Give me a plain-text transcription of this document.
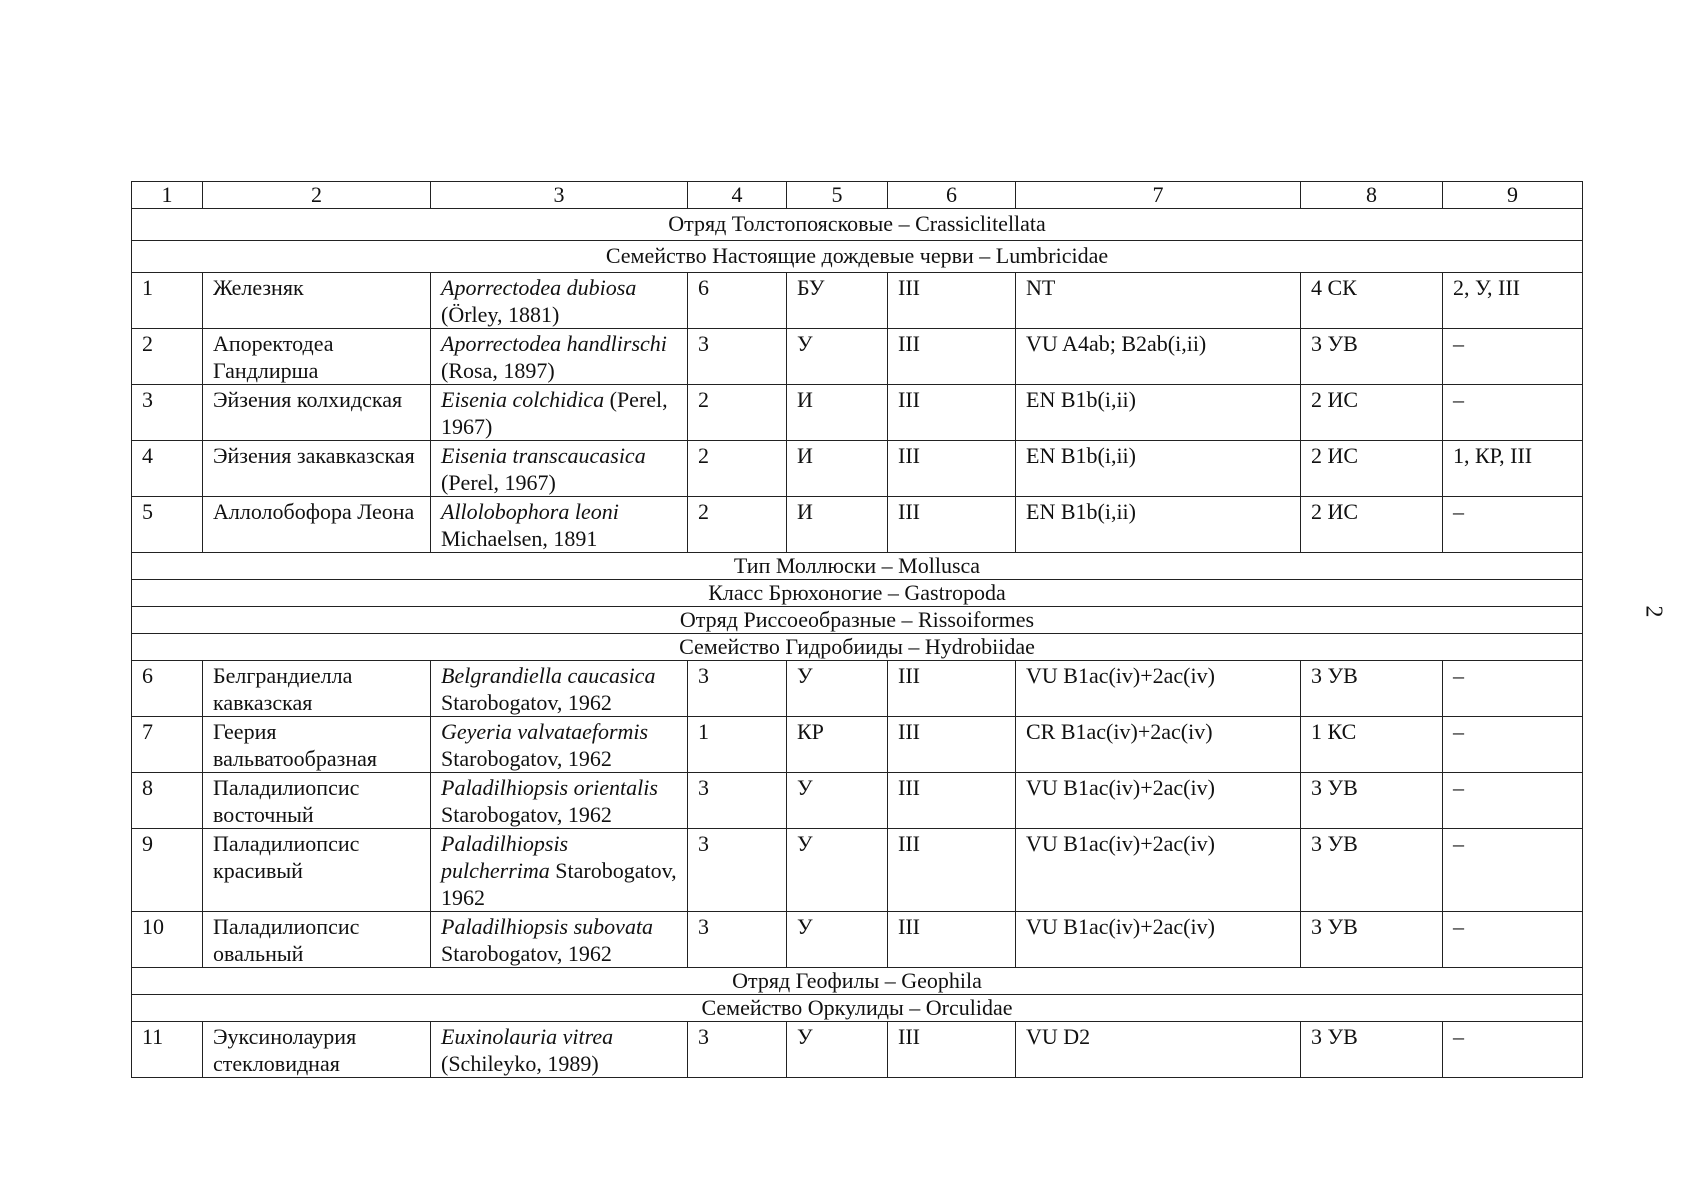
1	2	3	4	5	6	7	8	9
Отряд Толстопоясковые – Crassiclitellata								
Семейство Настоящие дождевые черви – Lumbricidae								
1	Железняк	Aporrectodea dubiosa (Örley, 1881)	6	БУ	III	NT	4 СК	2, У, III
2	Апоректодеа Гандлирша	Aporrectodea handlirschi (Rosa, 1897)	3	У	III	VU A4ab; B2ab(i,ii)	3 УВ	–
3	Эйзения колхидская	Eisenia colchidica (Perel, 1967)	2	И	III	EN B1b(i,ii)	2 ИС	–
4	Эйзения закавказская	Eisenia transcaucasica (Perel, 1967)	2	И	III	EN B1b(i,ii)	2 ИС	1, КР, III
5	Аллолобофора Леона	Allolobophora leoni Michaelsen, 1891	2	И	III	EN B1b(i,ii)	2 ИС	–
Тип Моллюски – Mollusca								
Класс Брюхоногие – Gastropoda								
Отряд Риссоеобразные – Rissoiformes								
Семейство Гидробииды – Hydrobiidae								
6	Белграндиелла кавказская	Belgrandiella caucasica Starobogatov, 1962	3	У	III	VU B1ac(iv)+2ac(iv)	3 УВ	–
7	Геерия вальватообразная	Geyeria valvataeformis Starobogatov, 1962	1	КР	III	CR B1ac(iv)+2ac(iv)	1 КС	–
8	Паладилиопсис восточный	Paladilhiopsis orientalis Starobogatov, 1962	3	У	III	VU B1ac(iv)+2ac(iv)	3 УВ	–
9	Паладилиопсис красивый	Paladilhiopsis pulcherrima Starobogatov, 1962	3	У	III	VU B1ac(iv)+2ac(iv)	3 УВ	–
10	Паладилиопсис овальный	Paladilhiopsis subovata Starobogatov, 1962	3	У	III	VU B1ac(iv)+2ac(iv)	3 УВ	–
Отряд Геофилы – Geophila								
Семейство Оркулиды – Orculidae								
11	Эуксинолаурия стекловидная	Euxinolauria vitrea (Schileyko, 1989)	3	У	III	VU D2	3 УВ	–
2
